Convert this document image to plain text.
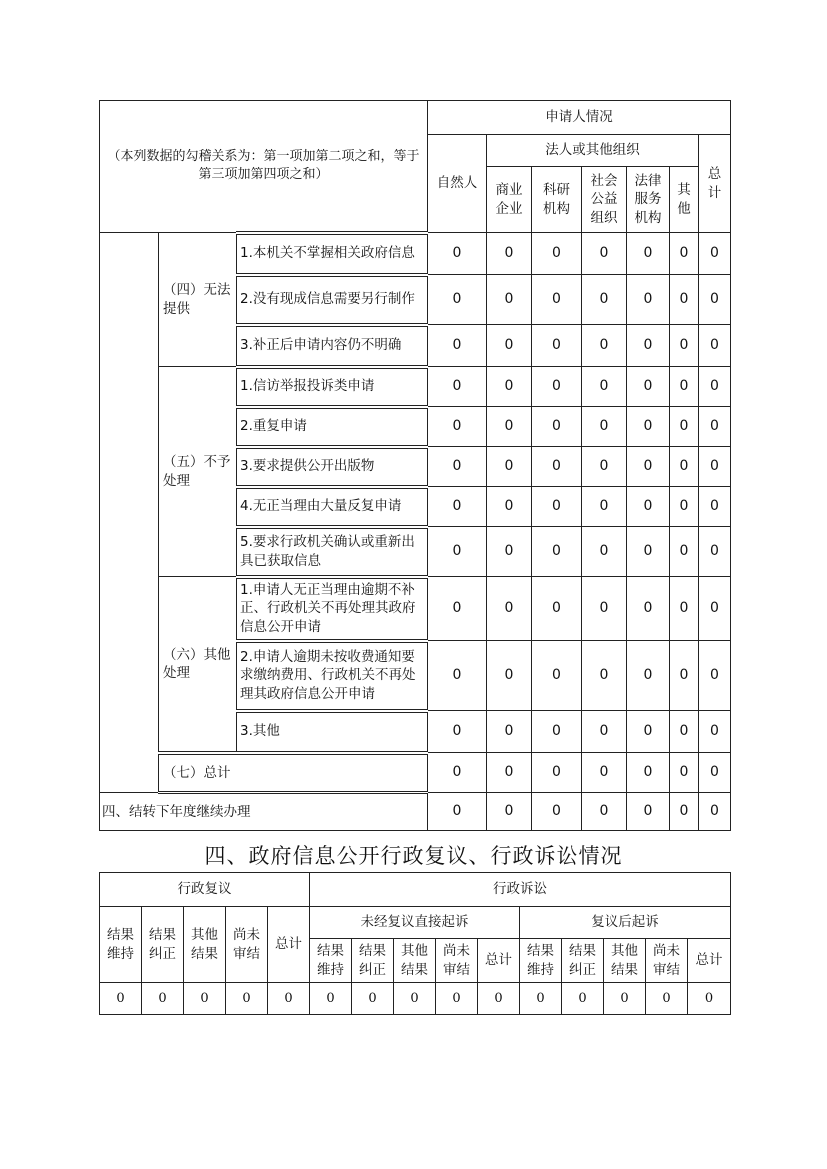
（本列数据的勾稽关系为：第一项加第二项之和，等于第三项加第四项之和）			申请人情况						
			自然人	法人或其他组织					总计
				商业企业	科研机构	社会公益组织	法律服务机构	其他	
	（四）无法提供	1.本机关不掌握相关政府信息	0	0	0	0	0	0	0
		2.没有现成信息需要另行制作	0	0	0	0	0	0	0
		3.补正后申请内容仍不明确	0	0	0	0	0	0	0
	（五）不予处理	1.信访举报投诉类申请	0	0	0	0	0	0	0
		2.重复申请	0	0	0	0	0	0	0
		3.要求提供公开出版物	0	0	0	0	0	0	0
		4.无正当理由大量反复申请	0	0	0	0	0	0	0
		5.要求行政机关确认或重新出具已获取信息	0	0	0	0	0	0	0
	（六）其他处理	1.申请人无正当理由逾期不补正、行政机关不再处理其政府信息公开申请	0	0	0	0	0	0	0
		2.申请人逾期未按收费通知要求缴纳费用、行政机关不再处理其政府信息公开申请	0	0	0	0	0	0	0
		3.其他	0	0	0	0	0	0	0
	（七）总计		0	0	0	0	0	0	0
四、结转下年度继续办理			0	0	0	0	0	0	0
四、政府信息公开行政复议、行政诉讼情况
行政复议					行政诉讼									
结果维持	结果纠正	其他结果	尚未审结	总计	未经复议直接起诉					复议后起诉				
					结果维持	结果纠正	其他结果	尚未审结	总计	结果维持	结果纠正	其他结果	尚未审结	总计
0	0	0	0	0	0	0	0	0	0	0	0	0	0	0
